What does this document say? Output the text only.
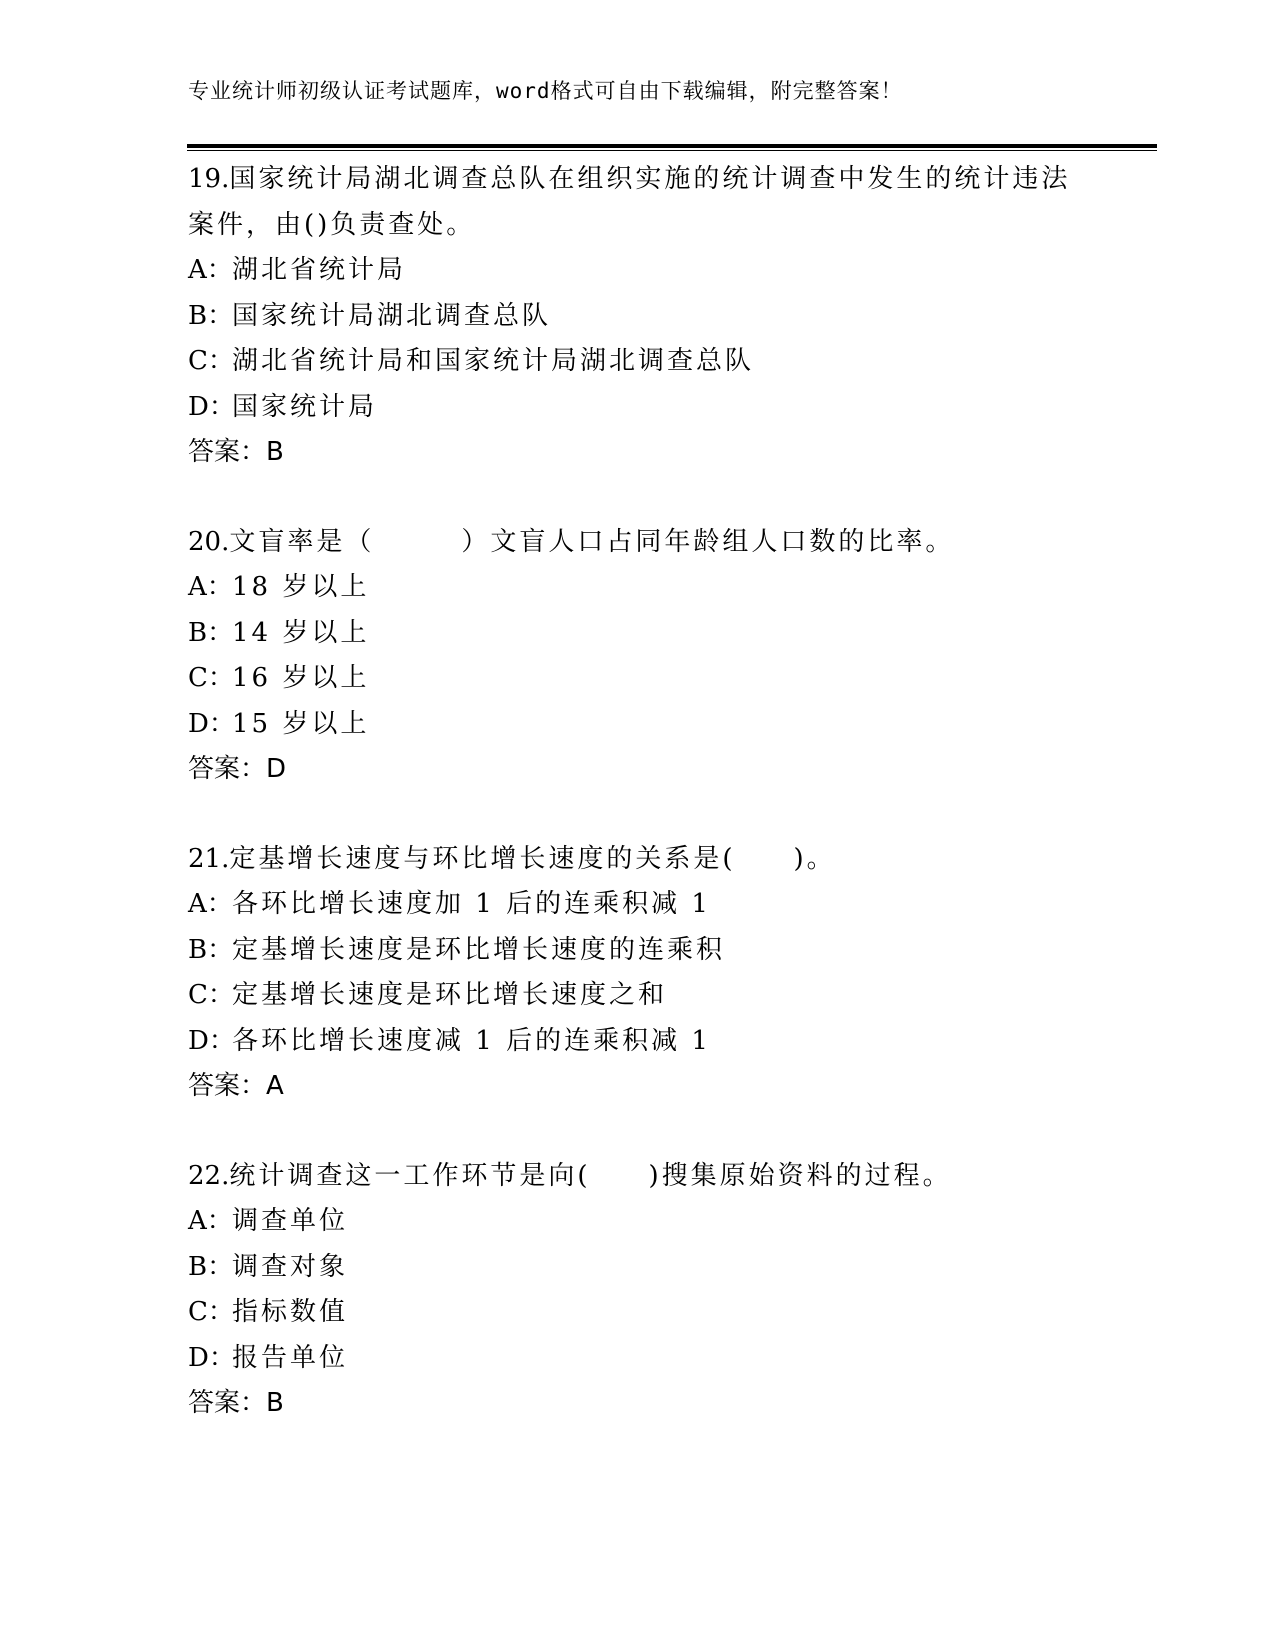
专业统计师初级认证考试题库，word格式可自由下载编辑，附完整答案！
19.国家统计局湖北调查总队在组织实施的统计调查中发生的统计违法
案件，由()负责查处。
A：湖北省统计局
B：国家统计局湖北调查总队
C：湖北省统计局和国家统计局湖北调查总队
D：国家统计局
答案：B
20.文盲率是（　　　）文盲人口占同年龄组人口数的比率。
A：18 岁以上
B：14 岁以上
C：16 岁以上
D：15 岁以上
答案：D
21.定基增长速度与环比增长速度的关系是(　　)。
A：各环比增长速度加 1 后的连乘积减 1
B：定基增长速度是环比增长速度的连乘积
C：定基增长速度是环比增长速度之和
D：各环比增长速度减 1 后的连乘积减 1
答案：A
22.统计调查这一工作环节是向(　　)搜集原始资料的过程。
A：调查单位
B：调查对象
C：指标数值
D：报告单位
答案：B
